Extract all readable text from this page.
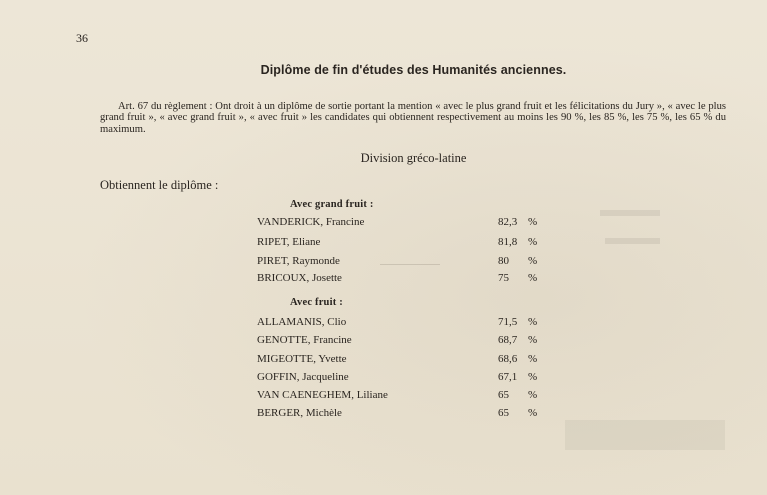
36
Diplôme de fin d'études des Humanités anciennes.
Art. 67 du règlement : Ont droit à un diplôme de sortie portant la mention « avec le plus grand fruit et les félicitations du Jury », « avec le plus grand fruit », « avec grand fruit », « avec fruit » les candidates qui obtiennent respectivement au moins les 90 %, les 85 %, les 75 %, les 65 % du maximum.
Division gréco-latine
Obtiennent le diplôme :
Avec grand fruit :
VANDERICK, Francine	82,3 %
RIPET, Eliane	81,8 %
PIRET, Raymonde	80 %
BRICOUX, Josette	75 %
Avec fruit :
ALLAMANIS, Clio	71,5 %
GENOTTE, Francine	68,7 %
MIGEOTTE, Yvette	68,6 %
GOFFIN, Jacqueline	67,1 %
VAN CAENEGHEM, Liliane	65 %
BERGER, Michèle	65 %
